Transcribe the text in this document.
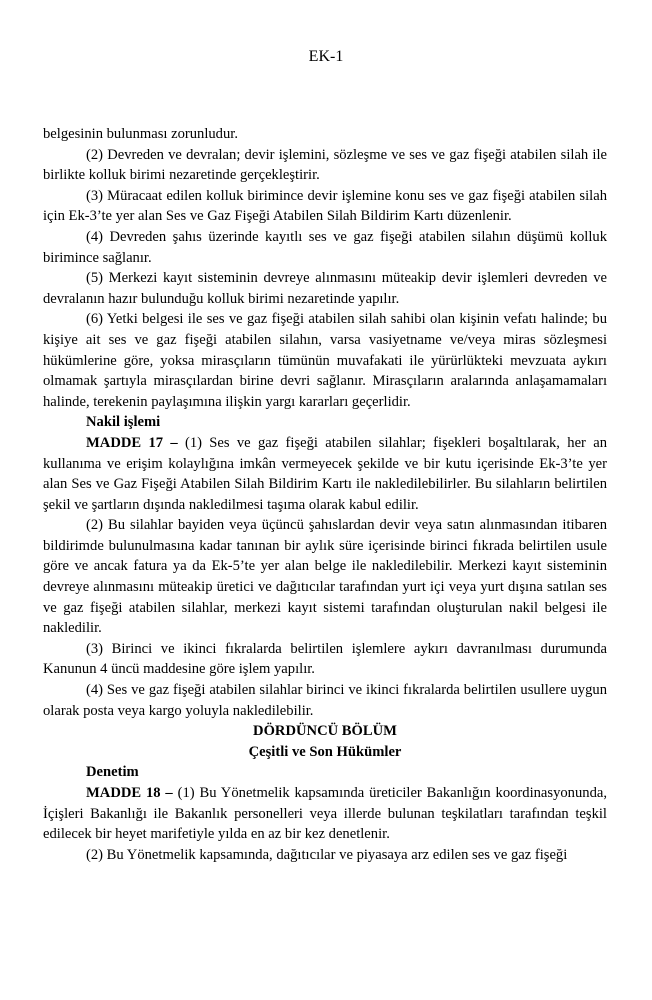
EK-1

belgesinin bulunması zorunludur.

(2) Devreden ve devralan; devir işlemini, sözleşme ve ses ve gaz fişeği atabilen silah ile birlikte kolluk birimi nezaretinde gerçekleştirir.

(3) Müracaat edilen kolluk birimince devir işlemine konu ses ve gaz fişeği atabilen silah için Ek-3’te yer alan Ses ve Gaz Fişeği Atabilen Silah Bildirim Kartı düzenlenir.

(4) Devreden şahıs üzerinde kayıtlı ses ve gaz fişeği atabilen silahın düşümü kolluk birimince sağlanır.

(5) Merkezi kayıt sisteminin devreye alınmasını müteakip devir işlemleri devreden ve devralanın hazır bulunduğu kolluk birimi nezaretinde yapılır.

(6) Yetki belgesi ile ses ve gaz fişeği atabilen silah sahibi olan kişinin vefatı halinde; bu kişiye ait ses ve gaz fişeği atabilen silahın, varsa vasiyetname ve/veya miras sözleşmesi hükümlerine göre, yoksa mirasçıların tümünün muvafakati ile yürürlükteki mevzuata aykırı olmamak şartıyla mirasçılardan birine devri sağlanır. Mirasçıların aralarında anlaşamamaları halinde, terekenin paylaşımına ilişkin yargı kararları geçerlidir.

Nakil işlemi

MADDE 17 – (1) Ses ve gaz fişeği atabilen silahlar; fişekleri boşaltılarak, her an kullanıma ve erişim kolaylığına imkân vermeyecek şekilde ve bir kutu içerisinde Ek-3’te yer alan Ses ve Gaz Fişeği Atabilen Silah Bildirim Kartı ile nakledilebilirler. Bu silahların belirtilen şekil ve şartların dışında nakledilmesi taşıma olarak kabul edilir.

(2) Bu silahlar bayiden veya üçüncü şahıslardan devir veya satın alınmasından itibaren bildirimde bulunulmasına kadar tanınan bir aylık süre içerisinde birinci fıkrada belirtilen usule göre ve ancak fatura ya da Ek-5’te yer alan belge ile nakledilebilir. Merkezi kayıt sisteminin devreye alınmasını müteakip üretici ve dağıtıcılar tarafından yurt içi veya yurt dışına satılan ses ve gaz fişeği atabilen silahlar, merkezi kayıt sistemi tarafından oluşturulan nakil belgesi ile nakledilir.

(3) Birinci ve ikinci fıkralarda belirtilen işlemlere aykırı davranılması durumunda Kanunun 4 üncü maddesine göre işlem yapılır.

(4) Ses ve gaz fişeği atabilen silahlar birinci ve ikinci fıkralarda belirtilen usullere uygun olarak posta veya kargo yoluyla nakledilebilir.

DÖRDÜNCÜ BÖLÜM

Çeşitli ve Son Hükümler

Denetim

MADDE 18 – (1) Bu Yönetmelik kapsamında üreticiler Bakanlığın koordinasyonunda, İçişleri Bakanlığı ile Bakanlık personelleri veya illerde bulunan teşkilatları tarafından teşkil edilecek bir heyet marifetiyle yılda en az bir kez denetlenir.

(2) Bu Yönetmelik kapsamında, dağıtıcılar ve piyasaya arz edilen ses ve gaz fişeği
